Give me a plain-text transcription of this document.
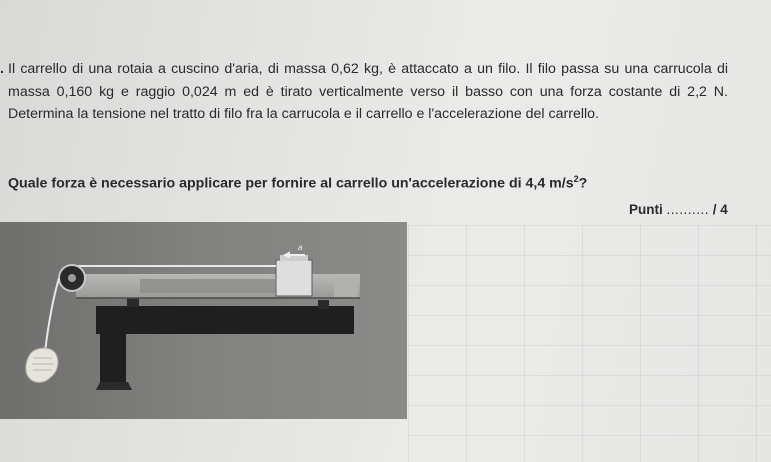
. Il carrello di una rotaia a cuscino d'aria, di massa 0,62 kg, è attaccato a un filo. Il filo passa su una carrucola di massa 0,160 kg e raggio 0,024 m ed è tirato verticalmente verso il basso con una forza costante di 2,2 N. Determina la tensione nel tratto di filo fra la carrucola e il carrello e l'accelerazione del carrello.

Quale forza è necessario applicare per fornire al carrello un'accelerazione di 4,4 $m/s^2$?
Punti .......... / 4
a
